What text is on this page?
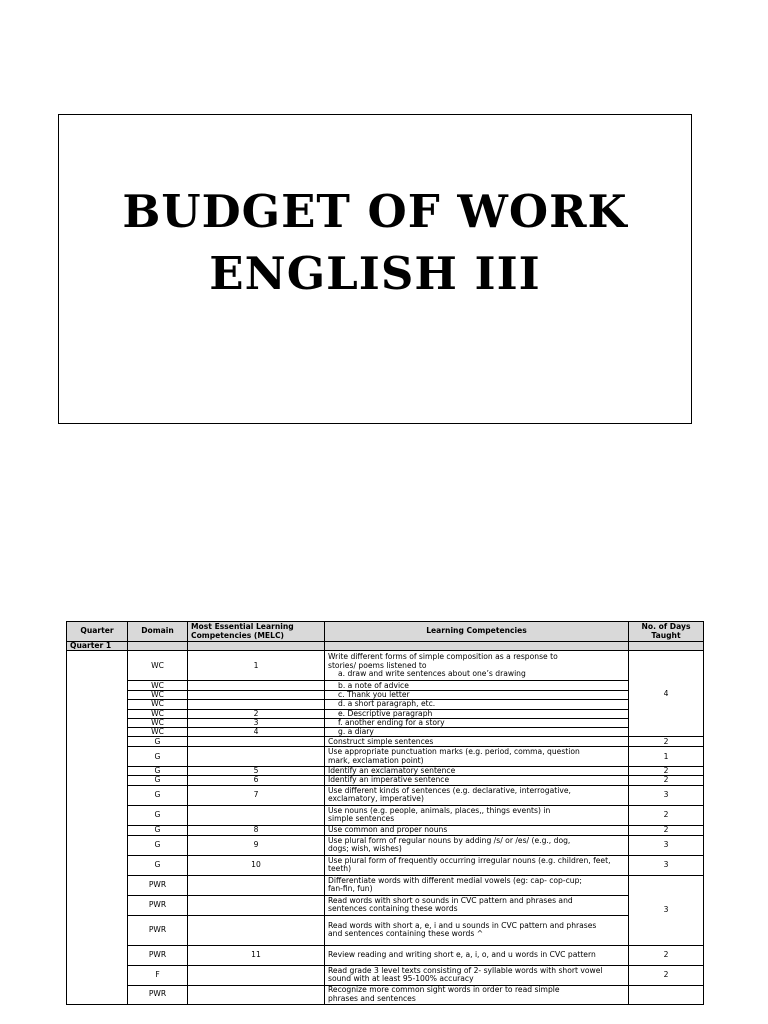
BUDGET OF WORK
ENGLISH III
Quarter	Domain	Most Essential Learning Competencies (MELC)	Learning Competencies	No. of Days Taught
Quarter 1				
	WC	1	Write different forms of simple composition as a response to
stories/ poems listened to
a. draw and write sentences about one’s drawing	4
	WC		b. a note of advice	

	WC		c. Thank you letter	

	WC		d. a short paragraph, etc.	

	WC	2	e. Descriptive paragraph	

	WC	3	f. another ending for a story	

	WC	4	g. a diary	

	G		Construct simple sentences	2
	G		Use appropriate punctuation marks (e.g. period, comma, question
mark, exclamation point)	1
	G	5	Identify an exclamatory sentence	2
	G	6	Identify an imperative sentence	2
	G	7	Use different kinds of sentences (e.g. declarative, interrogative,
exclamatory, imperative)	3
	G		Use nouns (e.g. people, animals, places,, things events) in
simple sentences	2
	G	8	Use common and proper nouns	2
	G	9	Use plural form of regular nouns by adding /s/ or /es/ (e.g., dog,
dogs; wish, wishes)	3
	G	10	Use plural form of frequently occurring irregular nouns (e.g. children, feet,
teeth)	3
	PWR		Differentiate words with different medial vowels (eg: cap- cop-cup;
fan-fin, fun)	3
	PWR		Read words with short o sounds in CVC pattern and phrases and
sentences containing these words	

	PWR		Read words with short a, e, i and u sounds in CVC pattern and phrases
and sentences containing these words ^	

	PWR	11	Review reading and writing short e, a, i, o, and u words in CVC pattern	2
	F		Read grade 3 level texts consisting of 2- syllable words with short vowel
sound with at least 95-100% accuracy	2
	PWR		Recognize more common sight words in order to read simple
phrases and sentences	
